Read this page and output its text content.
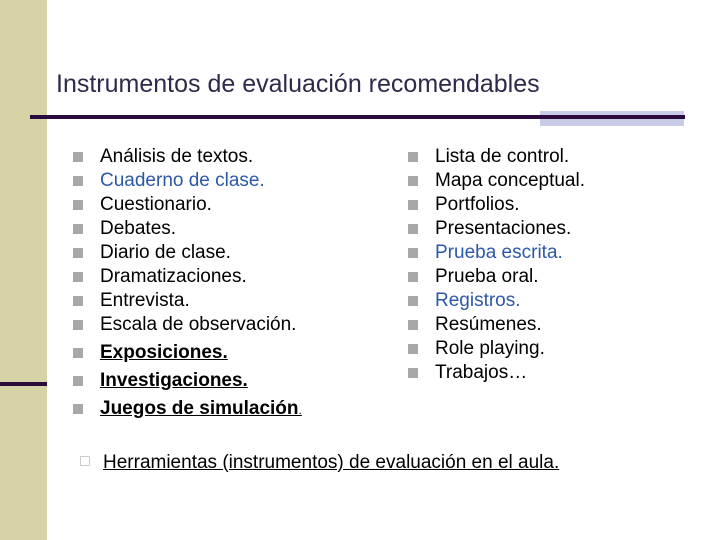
Instrumentos de evaluación recomendables
Análisis de textos.
Cuaderno de clase.
Cuestionario.
Debates.
Diario de clase.
Dramatizaciones.
Entrevista.
Escala de observación.
Exposiciones.
Investigaciones.
Juegos de simulación.
Lista de control.
Mapa conceptual.
Portfolios.
Presentaciones.
Prueba escrita.
Prueba oral.
Registros.
Resúmenes.
Role playing.
Trabajos…
Herramientas (instrumentos) de evaluación en el aula.
